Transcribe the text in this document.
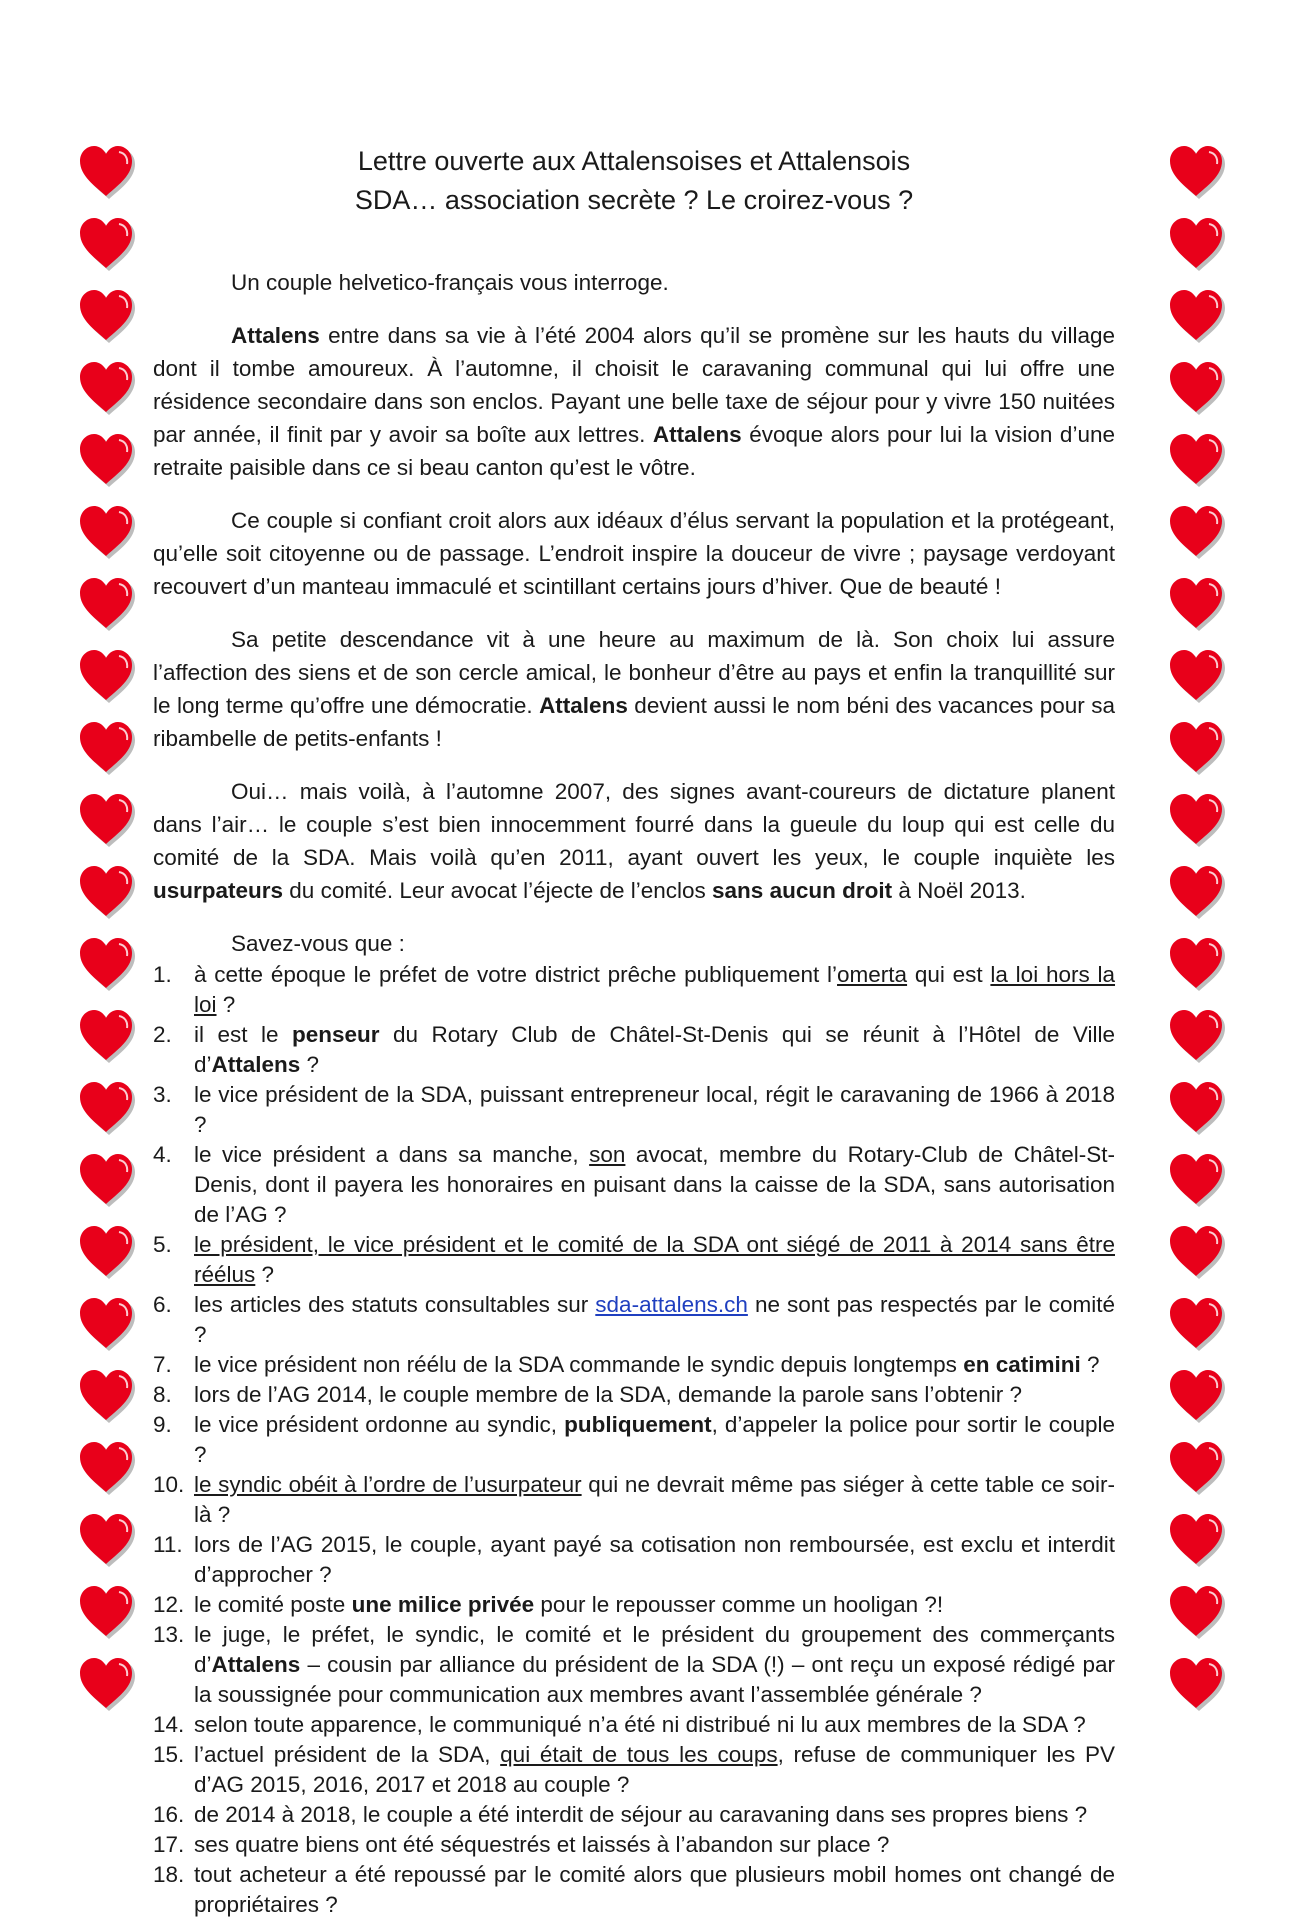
Lettre ouverte aux Attalensoises et Attalensois
SDA… association secrète ? Le croirez-vous ?

Un couple helvetico-français vous interroge.

Attalens entre dans sa vie à l’été 2004 alors qu’il se promène sur les hauts du village dont il tombe amoureux. À l’automne, il choisit le caravaning communal qui lui offre une résidence secondaire dans son enclos. Payant une belle taxe de séjour pour y vivre 150 nuitées par année, il finit par y avoir sa boîte aux lettres. Attalens évoque alors pour lui la vision d’une retraite paisible dans ce si beau canton qu’est le vôtre.

Ce couple si confiant croit alors aux idéaux d’élus servant la population et la protégeant, qu’elle soit citoyenne ou de passage. L’endroit inspire la douceur de vivre ; paysage verdoyant recouvert d’un manteau immaculé et scintillant certains jours d’hiver. Que de beauté !

Sa petite descendance vit à une heure au maximum de là. Son choix lui assure l’affection des siens et de son cercle amical, le bonheur d’être au pays et enfin la tranquillité sur le long terme qu’offre une démocratie. Attalens devient aussi le nom béni des vacances pour sa ribambelle de petits-enfants !

Oui… mais voilà, à l’automne 2007, des signes avant-coureurs de dictature planent dans l’air… le couple s’est bien innocemment fourré dans la gueule du loup qui est celle du comité de la SDA. Mais voilà qu’en 2011, ayant ouvert les yeux, le couple inquiète les usurpateurs du comité. Leur avocat l’éjecte de l’enclos sans aucun droit à Noël 2013.

Savez-vous que :
1. à cette époque le préfet de votre district prêche publiquement l’omerta qui est la loi hors la loi ?
2. il est le penseur du Rotary Club de Châtel-St-Denis qui se réunit à l’Hôtel de Ville d’Attalens ?
3. le vice président de la SDA, puissant entrepreneur local, régit le caravaning de 1966 à 2018 ?
4. le vice président a dans sa manche, son avocat, membre du Rotary-Club de Châtel-St-Denis, dont il payera les honoraires en puisant dans la caisse de la SDA, sans autorisation de l’AG ?
5. le président, le vice président et le comité de la SDA ont siégé de 2011 à 2014 sans être réélus ?
6. les articles des statuts consultables sur sda-attalens.ch ne sont pas respectés par le comité ?
7. le vice président non réélu de la SDA commande le syndic depuis longtemps en catimini ?
8. lors de l’AG 2014, le couple membre de la SDA, demande la parole sans l’obtenir ?
9. le vice président ordonne au syndic, publiquement, d’appeler la police pour sortir le couple ?
10. le syndic obéit à l’ordre de l’usurpateur qui ne devrait même pas siéger à cette table ce soir-là ?
11. lors de l’AG 2015, le couple, ayant payé sa cotisation non remboursée, est exclu et interdit d’approcher ?
12. le comité poste une milice privée pour le repousser comme un hooligan ?!
13. le juge, le préfet, le syndic, le comité et le président du groupement des commerçants d’Attalens – cousin par alliance du président de la SDA (!) – ont reçu un exposé rédigé par la soussignée pour communication aux membres avant l’assemblée générale ?
14. selon toute apparence, le communiqué n’a été ni distribué ni lu aux membres de la SDA ?
15. l’actuel président de la SDA, qui était de tous les coups, refuse de communiquer les PV d’AG 2015, 2016, 2017 et 2018 au couple ?
16. de 2014 à 2018, le couple a été interdit de séjour au caravaning dans ses propres biens ?
17. ses quatre biens ont été séquestrés et laissés à l’abandon sur place ?
18. tout acheteur a été repoussé par le comité alors que plusieurs mobil homes ont changé de propriétaires ?
